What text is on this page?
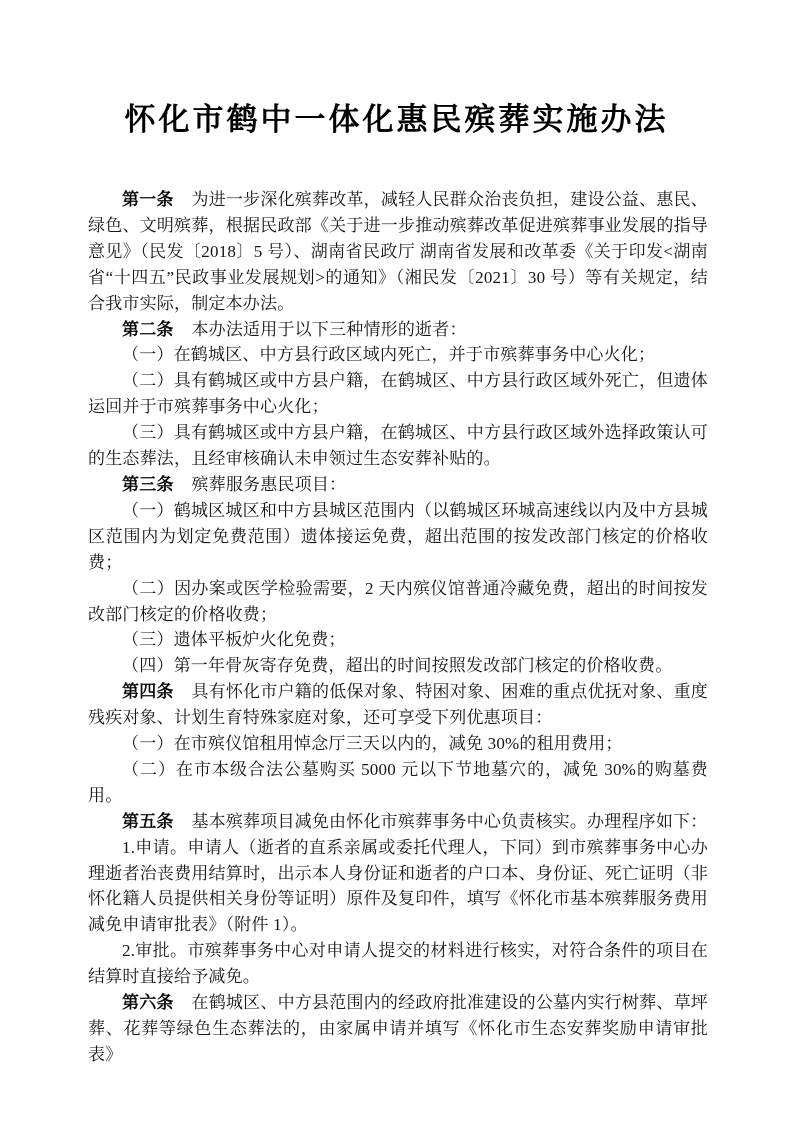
怀化市鹤中一体化惠民殡葬实施办法

第一条 为进一步深化殡葬改革，减轻人民群众治丧负担，建设公益、惠民、绿色、文明殡葬，根据民政部《关于进一步推动殡葬改革促进殡葬事业发展的指导意见》（民发〔2018〕5 号）、湖南省民政厅 湖南省发展和改革委《关于印发<湖南省“十四五”民政事业发展规划>的通知》（湘民发〔2021〕30 号）等有关规定，结合我市实际，制定本办法。

第二条 本办法适用于以下三种情形的逝者：

（一）在鹤城区、中方县行政区域内死亡，并于市殡葬事务中心火化；

（二）具有鹤城区或中方县户籍，在鹤城区、中方县行政区域外死亡，但遗体运回并于市殡葬事务中心火化；

（三）具有鹤城区或中方县户籍，在鹤城区、中方县行政区域外选择政策认可的生态葬法，且经审核确认未申领过生态安葬补贴的。

第三条 殡葬服务惠民项目：

（一）鹤城区城区和中方县城区范围内（以鹤城区环城高速线以内及中方县城区范围内为划定免费范围）遗体接运免费，超出范围的按发改部门核定的价格收费；

（二）因办案或医学检验需要，2 天内殡仪馆普通冷藏免费，超出的时间按发改部门核定的价格收费；

（三）遗体平板炉火化免费；

（四）第一年骨灰寄存免费，超出的时间按照发改部门核定的价格收费。

第四条 具有怀化市户籍的低保对象、特困对象、困难的重点优抚对象、重度残疾对象、计划生育特殊家庭对象，还可享受下列优惠项目：

（一）在市殡仪馆租用悼念厅三天以内的，减免 30%的租用费用；

（二）在市本级合法公墓购买 5000 元以下节地墓穴的，减免 30%的购墓费用。

第五条 基本殡葬项目减免由怀化市殡葬事务中心负责核实。办理程序如下：

1.申请。申请人（逝者的直系亲属或委托代理人，下同）到市殡葬事务中心办理逝者治丧费用结算时，出示本人身份证和逝者的户口本、身份证、死亡证明（非怀化籍人员提供相关身份等证明）原件及复印件，填写《怀化市基本殡葬服务费用减免申请审批表》（附件 1）。

2.审批。市殡葬事务中心对申请人提交的材料进行核实，对符合条件的项目在结算时直接给予减免。

第六条 在鹤城区、中方县范围内的经政府批准建设的公墓内实行树葬、草坪葬、花葬等绿色生态葬法的，由家属申请并填写《怀化市生态安葬奖励申请审批表》
